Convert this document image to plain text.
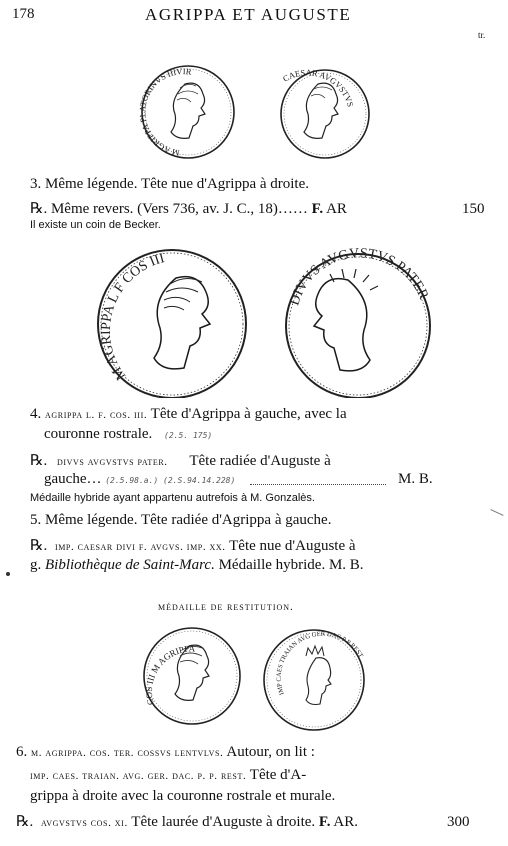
178	AGRIPPA ET AUGUSTE
tr.
M AGRIPPA PLATORINVS IIIVIR
CAESAR AVGVSTVS
3. Même légende. Tête nue d'Agrippa à droite.
℞. Même revers. (Vers 736, av. J. C., 18)…… F. AR	150
Il existe un coin de Becker.
M AGRIPPA L F COS III
DIVVS AVGVSTVS PATER
4. agrippa l. f. cos. iii. Tête d'Agrippa à gauche, avec la
couronne rostrale. (2.5. 175)
℞. divvs avgvstvs pater. Tête radiée d'Auguste à
gauche… (2.5.98.a.) (2.S.94.14.228)	M. B.
Médaille hybride ayant appartenu autrefois à M. Gonzalès.
5. Même légende. Tête radiée d'Agrippa à gauche.
℞. imp. caesar divi f. avgvs. imp. xx. Tête nue d'Auguste à
g. Bibliothèque de Saint-Marc. Médaille hybride. M. B.
médaille de restitution.
COS III M AGRIPPA
IMP CAES TRAIAN AVG GER DAC P P REST
6. m. agrippa. cos. ter. cossvs lentvlvs. Autour, on lit :
imp. caes. traian. avg. ger. dac. p. p. rest. Tête d'A-
grippa à droite avec la couronne rostrale et murale.
℞. avgvstvs cos. xi. Tête laurée d'Auguste à droite. F. AR.	300
